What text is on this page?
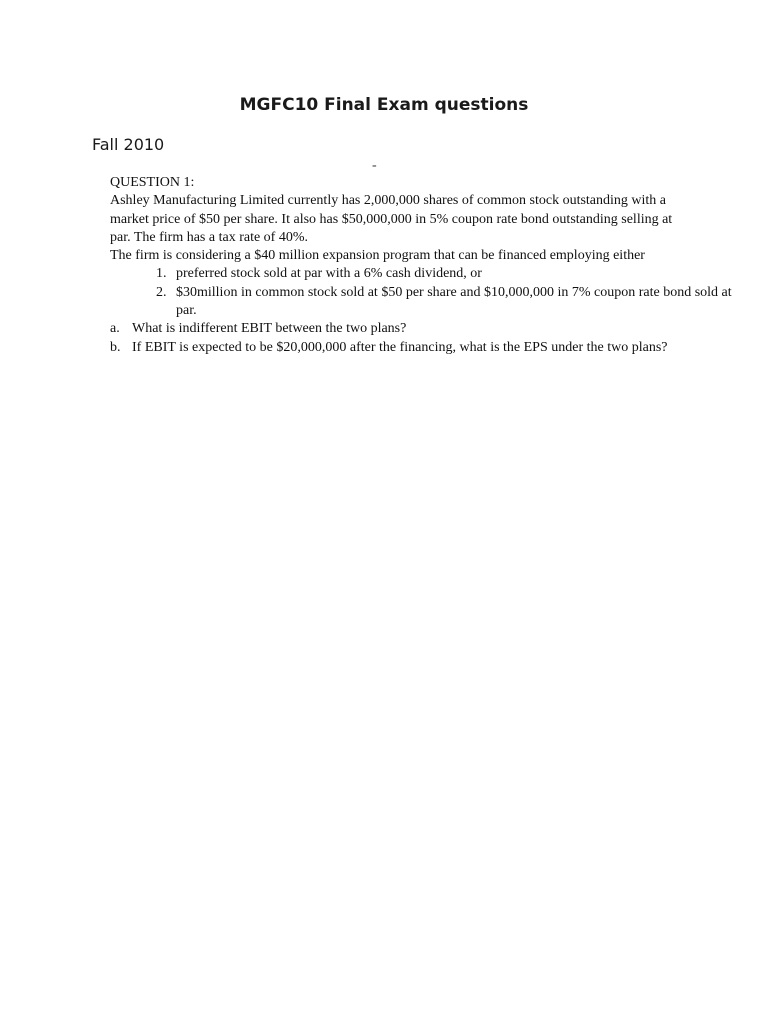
MGFC10 Final Exam questions
Fall 2010
-

QUESTION 1:

Ashley Manufacturing Limited currently has 2,000,000 shares of common stock outstanding with a

market price of $50 per share. It also has $50,000,000 in 5% coupon rate bond outstanding selling at

par. The firm has a tax rate of 40%.

The firm is considering a $40 million expansion program that can be financed employing either

1. preferred stock sold at par with a 6% cash dividend, or
2. $30million in common stock sold at $50 per share and $10,000,000 in 7% coupon rate bond sold at par.
a. What is indifferent EBIT between the two plans?
b. If EBIT is expected to be $20,000,000 after the financing, what is the EPS under the two plans?
